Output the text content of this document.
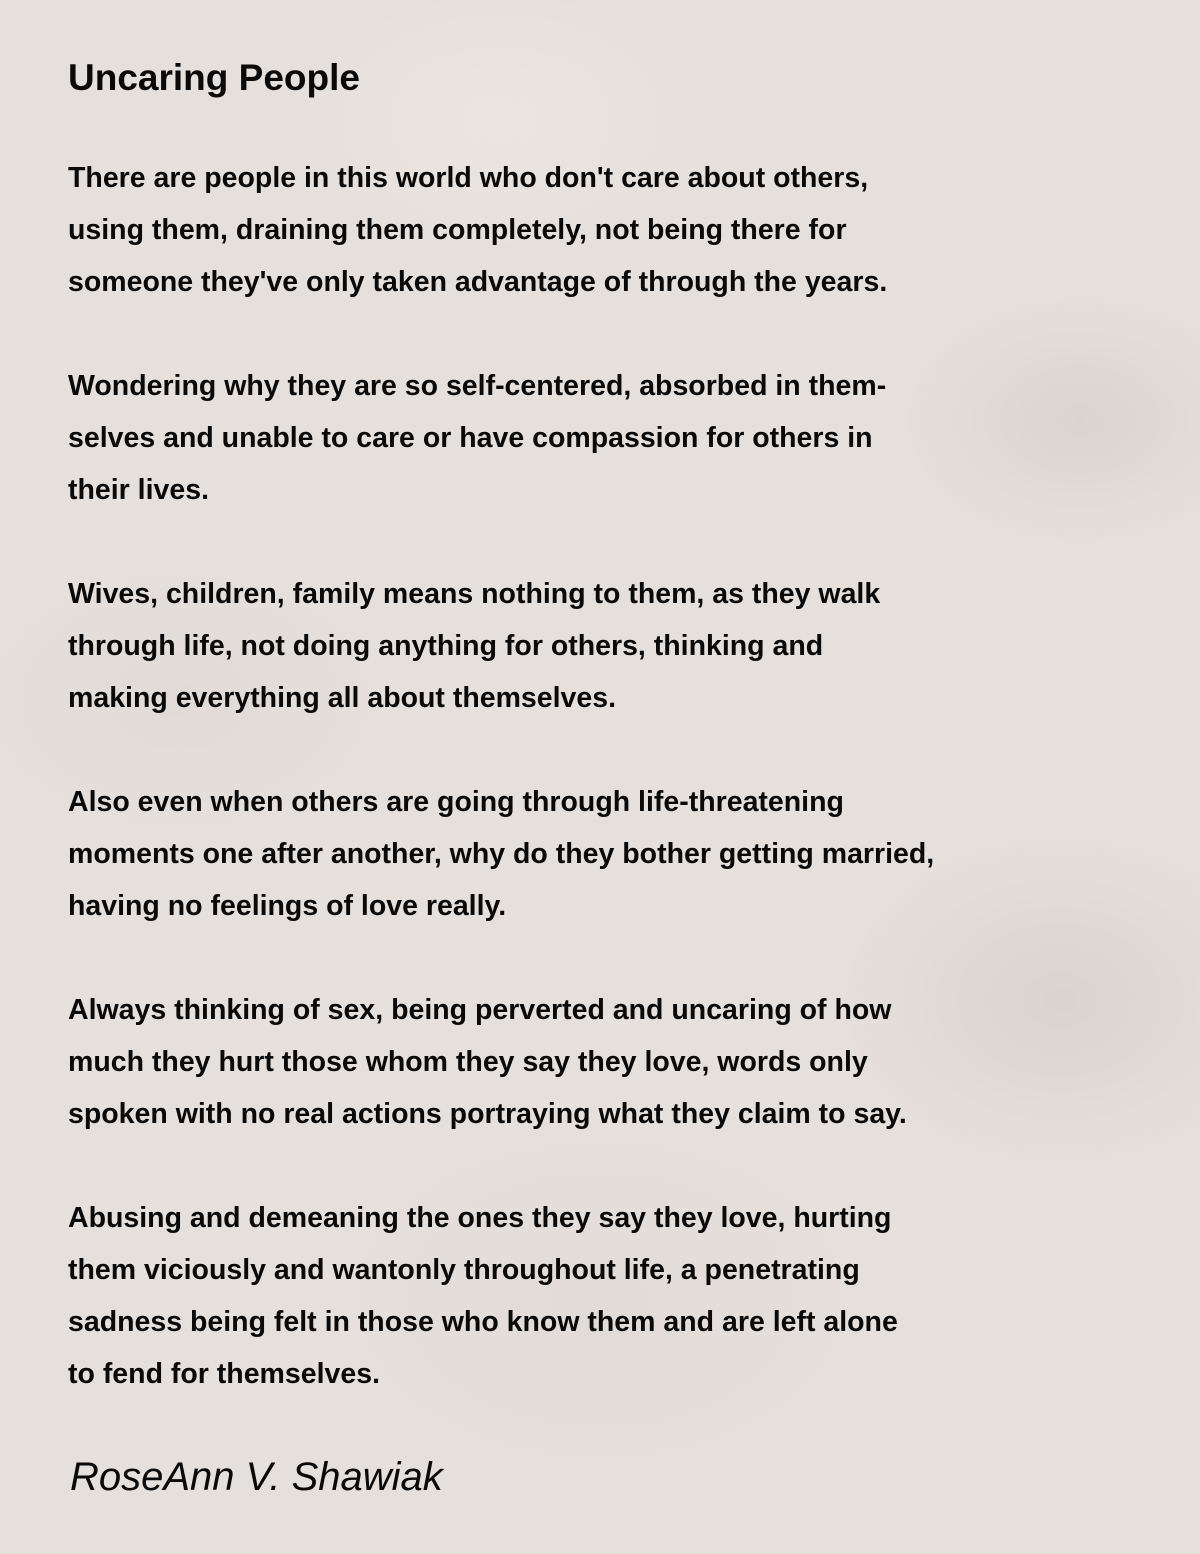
Uncaring People

There are people in this world who don't care about others,
using them, draining them completely, not being there for
someone they've only taken advantage of through the years.

Wondering why they are so self-centered, absorbed in them-
selves and unable to care or have compassion for others in
their lives.

Wives, children, family means nothing to them, as they walk
through life, not doing anything for others, thinking and
making everything all about themselves.

Also even when others are going through life-threatening
moments one after another, why do they bother getting married,
having no feelings of love really.

Always thinking of sex, being perverted and uncaring of how
much they hurt those whom they say they love, words only
spoken with no real actions portraying what they claim to say.

Abusing and demeaning the ones they say they love, hurting
them viciously and wantonly throughout life, a penetrating
sadness being felt in those who know them and are left alone
to fend for themselves.

RoseAnn V. Shawiak
